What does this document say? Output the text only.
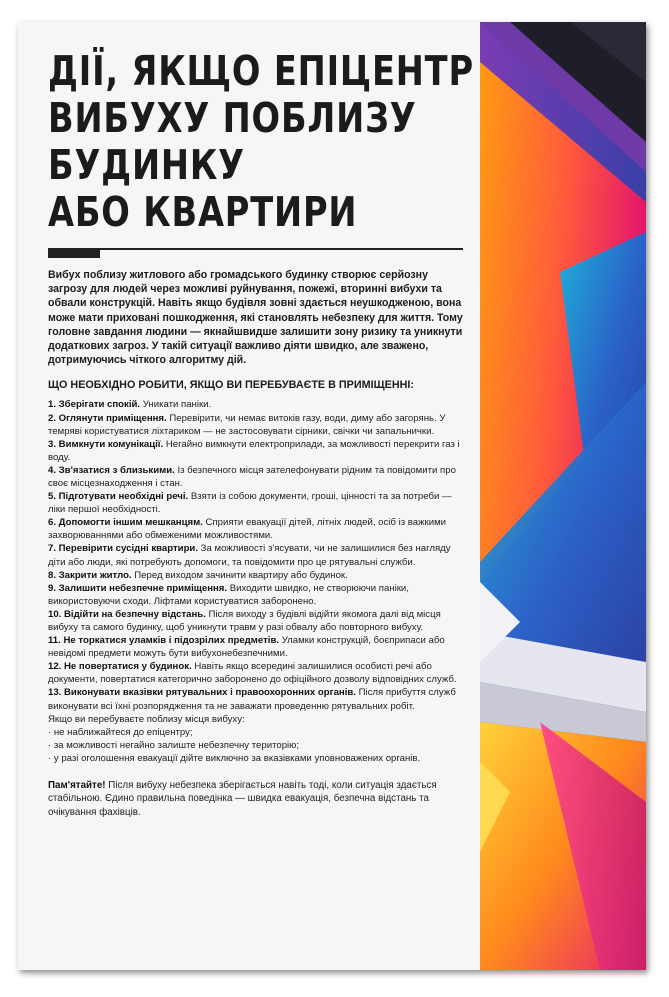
ДІЇ, ЯКЩО ЕПІЦЕНТР
ВИБУХУ ПОБЛИЗУ
БУДИНКУ
АБО КВАРТИРИ

Вибух поблизу житлового або громадського будинку створює серйозну загрозу для людей через можливі руйнування, пожежі, вторинні вибухи та обвали конструкцій. Навіть якщо будівля зовні здається неушкодженою, вона може мати приховані пошкодження, які становлять небезпеку для життя. Тому головне завдання людини — якнайшвидше залишити зону ризику та уникнути додаткових загроз. У такій ситуації важливо діяти швидко, але зважено, дотримуючись чіткого алгоритму дій.

ЩО НЕОБХІДНО РОБИТИ, ЯКЩО ВИ ПЕРЕБУВАЄТЕ В ПРИМІЩЕННІ:
1. Зберігати спокій. Уникати паніки.
2. Оглянути приміщення. Перевірити, чи немає витоків газу, води, диму або загорянь. У темряві користуватися ліхтариком — не застосовувати сірники, свічки чи запальнички.
3. Вимкнути комунікації. Негайно вимкнути електроприлади, за можливості перекрити газ і воду.
4. Зв'язатися з близькими. Із безпечного місця зателефонувати рідним та повідомити про своє місцезнаходження і стан.
5. Підготувати необхідні речі. Взяти із собою документи, гроші, цінності та за потреби — ліки першої необхідності.
6. Допомогти іншим мешканцям. Сприяти евакуації дітей, літніх людей, осіб із важкими захворюваннями або обмеженими можливостями.
7. Перевірити сусідні квартири. За можливості з'ясувати, чи не залишилися без нагляду діти або люди, які потребують допомоги, та повідомити про це рятувальні служби.
8. Закрити житло. Перед виходом зачинити квартиру або будинок.
9. Залишити небезпечне приміщення. Виходити швидко, не створюючи паніки, використовуючи сходи. Ліфтами користуватися заборонено.
10. Відійти на безпечну відстань. Після виходу з будівлі відійти якомога далі від місця вибуху та самого будинку, щоб уникнути травм у разі обвалу або повторного вибуху.
11. Не торкатися уламків і підозрілих предметів. Уламки конструкцій, боєприпаси або невідомі предмети можуть бути вибухонебезпечними.
12. Не повертатися у будинок. Навіть якщо всередині залишилися особисті речі або документи, повертатися категорично заборонено до офіційного дозволу відповідних служб.
13. Виконувати вказівки рятувальних і правоохоронних органів. Після прибуття служб виконувати всі їхні розпорядження та не заважати проведенню рятувальних робіт.
Якщо ви перебуваєте поблизу місця вибуху:
· не наближайтеся до епіцентру;
· за можливості негайно залиште небезпечну територію;
· у разі оголошення евакуації дійте виключно за вказівками уповноважених органів.
Пам'ятайте! Після вибуху небезпека зберігається навіть тоді, коли ситуація здається стабільною. Єдино правильна поведінка — швидка евакуація, безпечна відстань та очікування фахівців.
